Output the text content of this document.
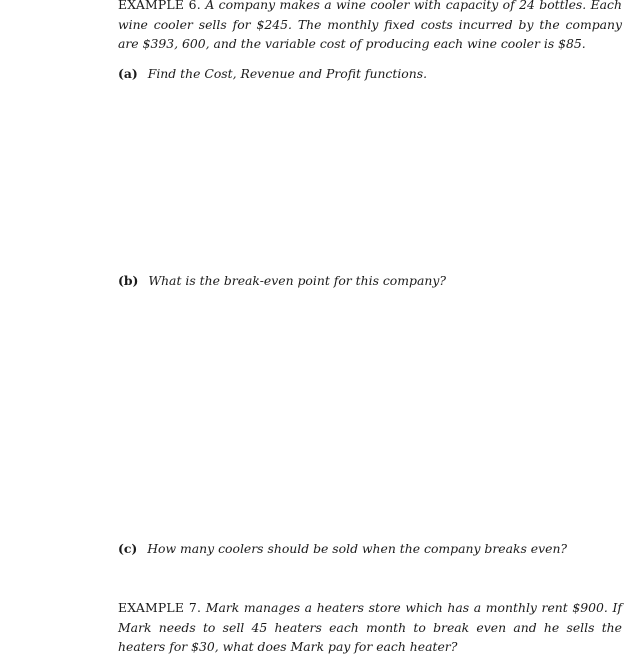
EXAMPLE 6. A company makes a wine cooler with capacity of 24 bottles. Each wine cooler sells for $245. The monthly fixed costs incurred by the company are $393, 600, and the variable cost of producing each wine cooler is $85.
(a) Find the Cost, Revenue and Profit functions.
(b) What is the break-even point for this company?
(c) How many coolers should be sold when the company breaks even?
EXAMPLE 7. Mark manages a heaters store which has a monthly rent $900. If Mark needs to sell 45 heaters each month to break even and he sells the heaters for $30, what does Mark pay for each heater?
